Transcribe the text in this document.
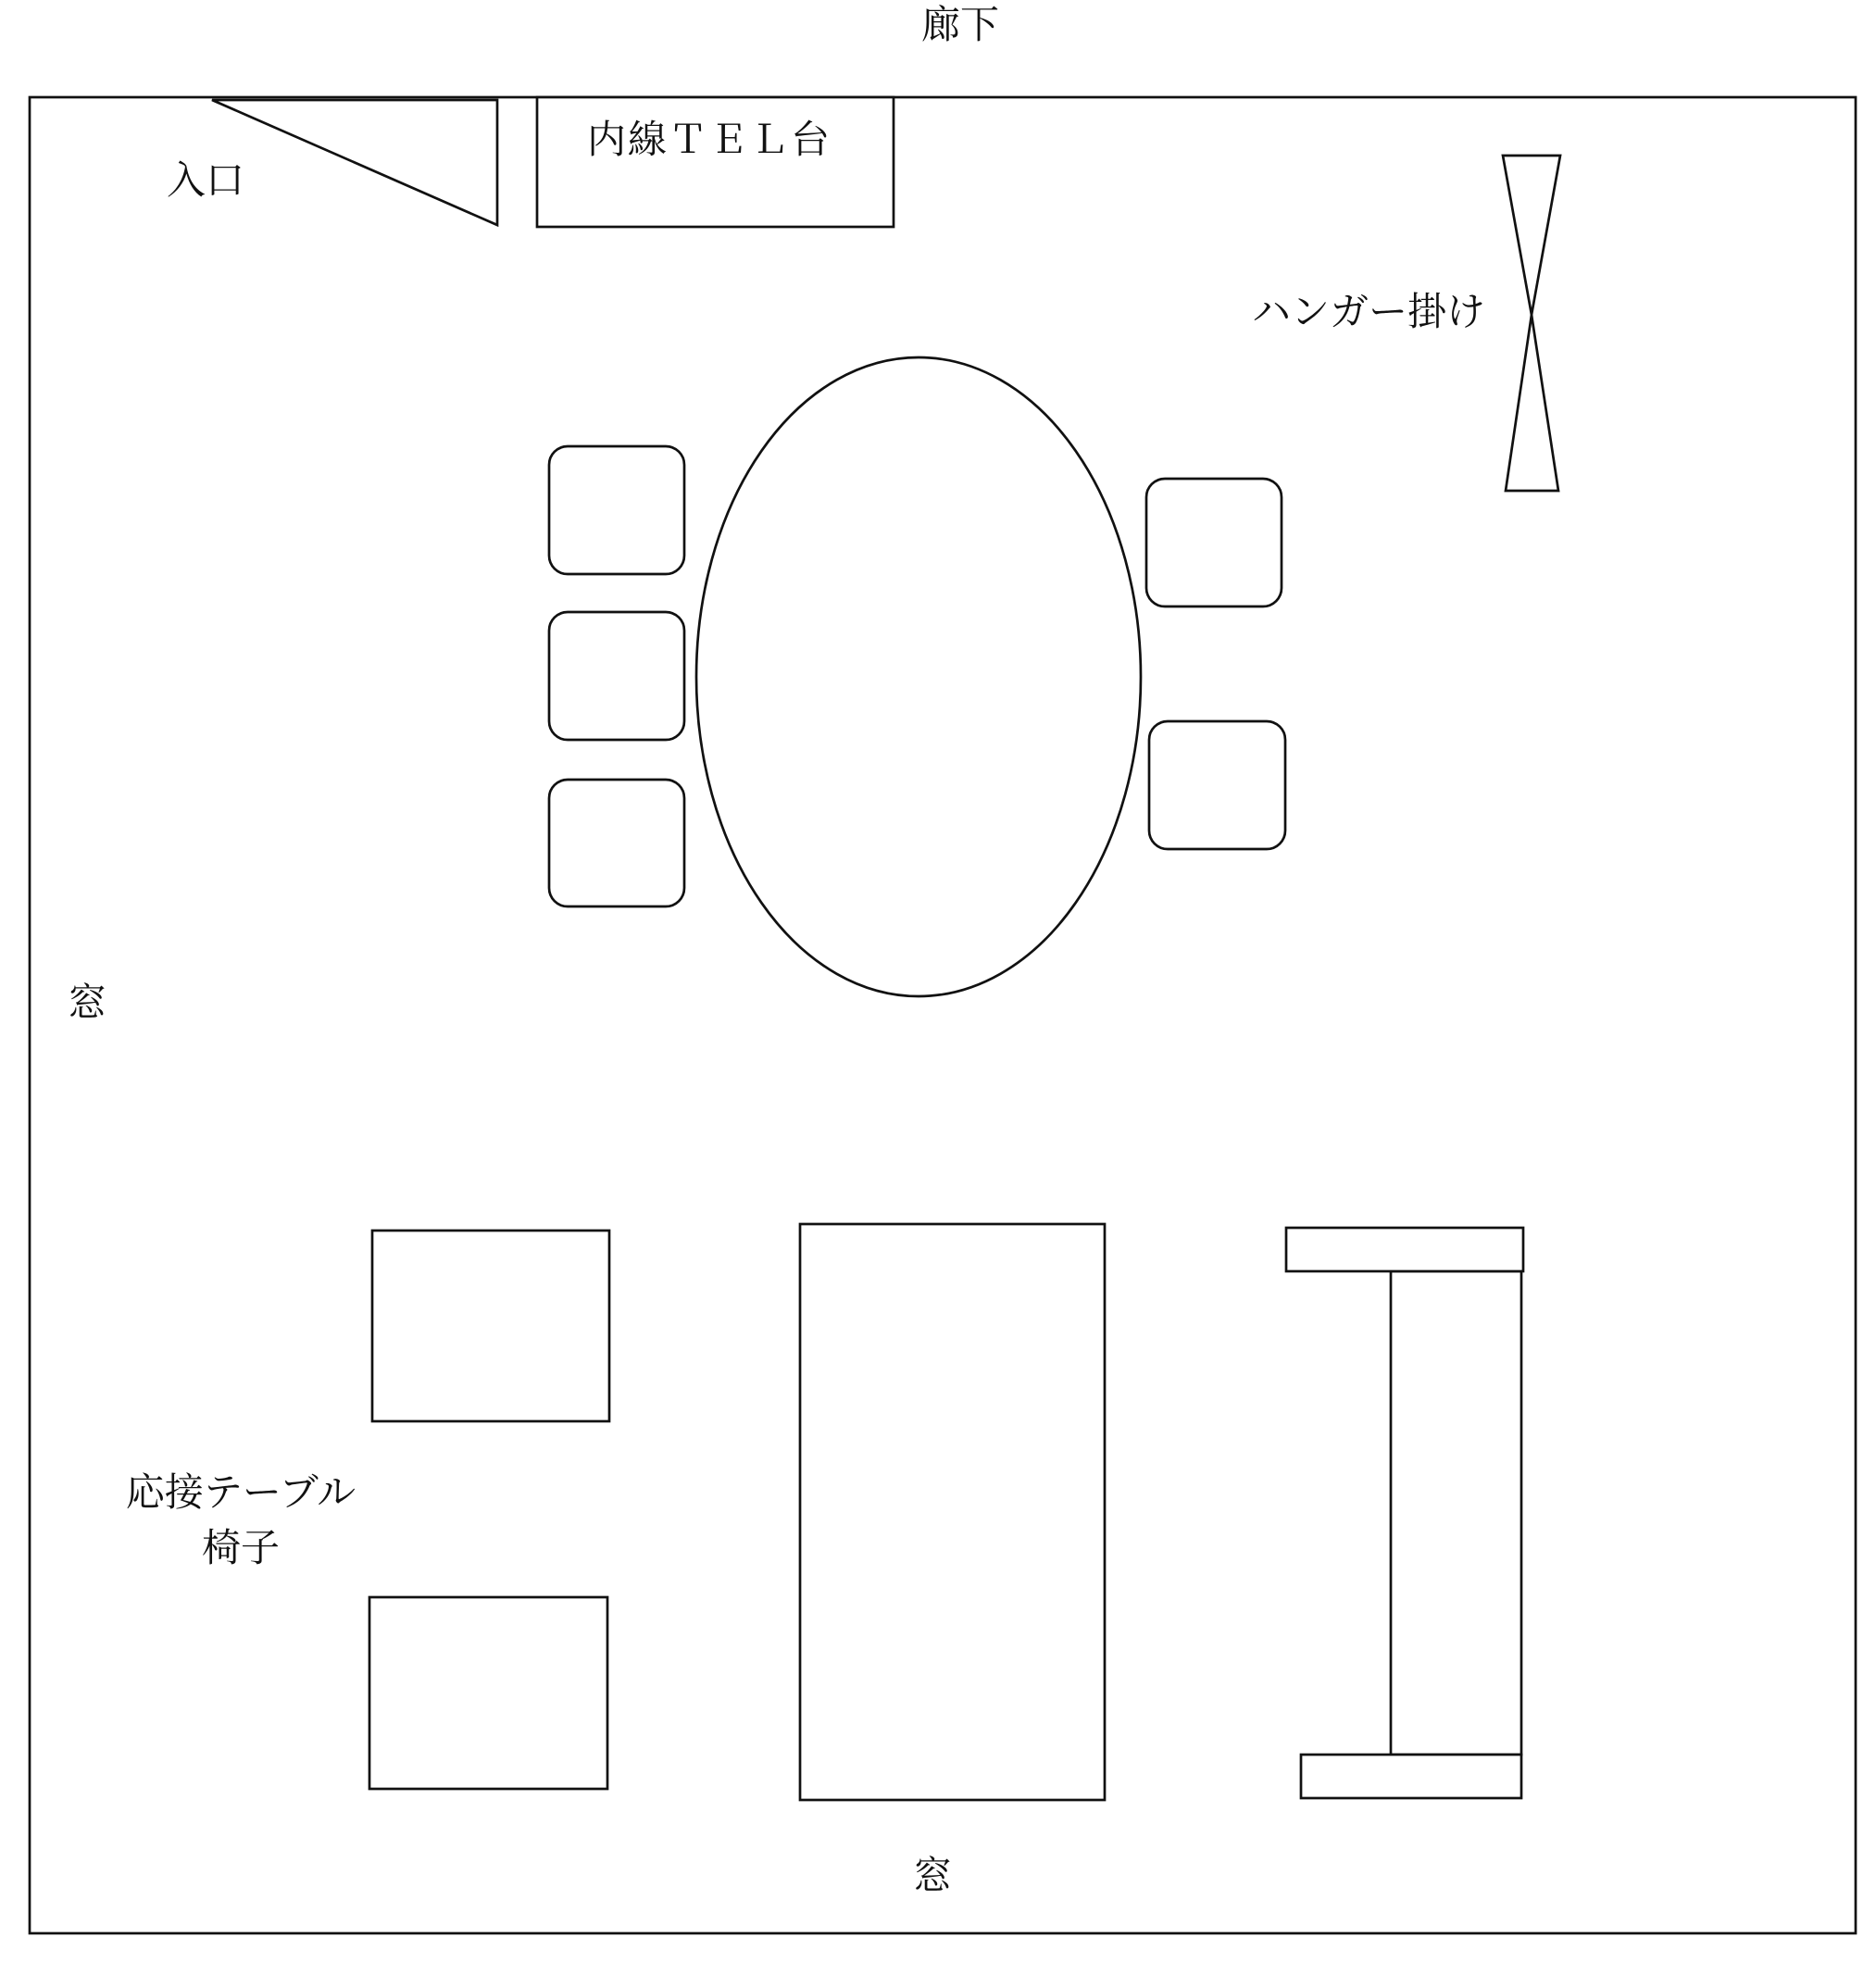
廊下
入口
内線ＴＥＬ台
ハンガー掛け
窓
窓
応接テーブル
椅子
